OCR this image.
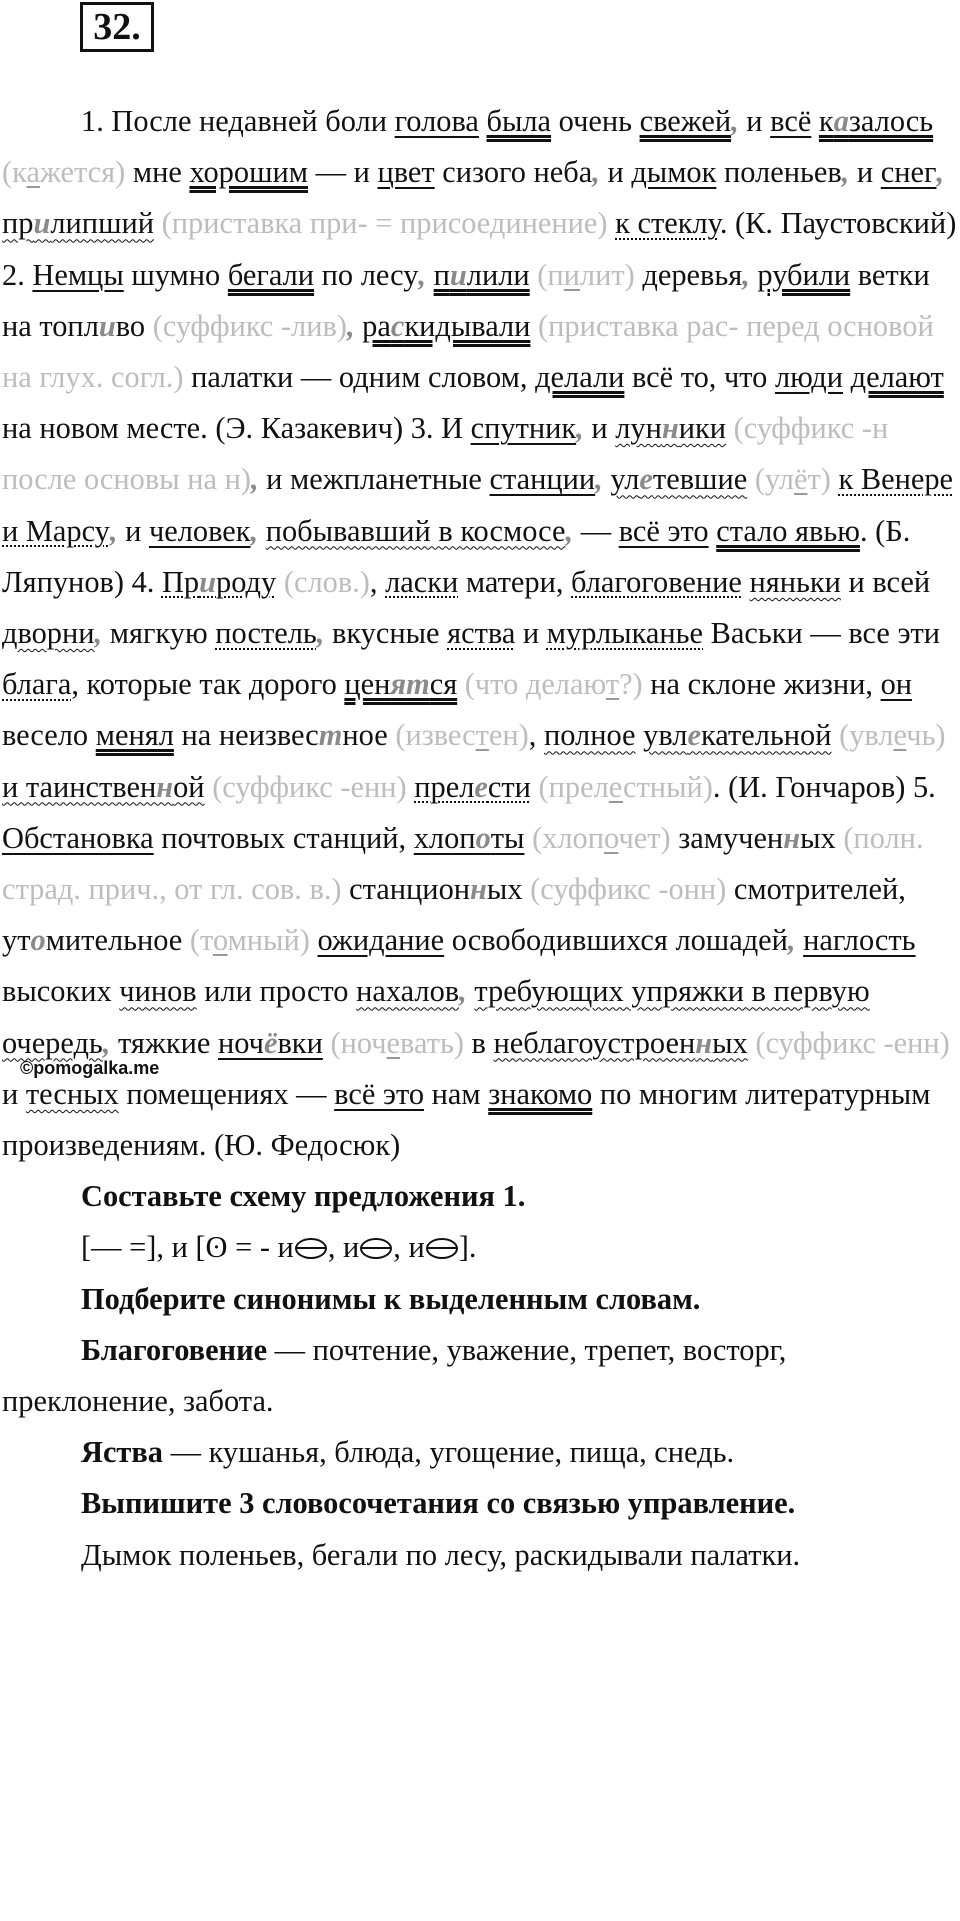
32.

1. После недавней боли голова была очень свежей, и всё казалось (кажется) мне хорошим — и цвет сизого неба, и дымок поленьев, и снег, прилипший (приставка при- = присоединение) к стеклу. (К. Паустовский) 2. Немцы шумно бегали по лесу, пилили (пилит) деревья, рубили ветки на топливо (суффикс -лив), раскидывали (приставка рас- перед основой на глух. согл.) палатки — одним словом, делали всё то, что люди делают на новом месте. (Э. Казакевич) 3. И спутник, и лунники (суффикс -н после основы на н), и межпланетные станции, улетевшие (улёт) к Венере и Марсу, и человек, побывавший в космосе, — всё это стало явью. (Б. Ляпунов) 4. Природу (слов.), ласки матери, благоговение няньки и всей дворни, мягкую постель, вкусные яства и мурлыканье Васьки — все эти блага, которые так дорого ценятся (что делают?) на склоне жизни, он весело менял на неизвестное (известен), полное увлекательной (увлечь) и таинственной (суффикс -енн) прелести (прелестный). (И. Гончаров) 5. Обстановка почтовых станций, хлопоты (хлопочет) замученных (полн. страд. прич., от гл. сов. в.) станционных (суффикс -онн) смотрителей, утомительное (томный) ожидание освободившихся лошадей, наглость высоких чинов или просто нахалов, требующих упряжки в первую очередь, тяжкие ночёвки (ночевать) в неблагоустроенных (суффикс -енн) и тесных помещениях — всё это нам знакомо по многим литературным произведениям. (Ю. Федосюк)

Составьте схему предложения 1.

[— =], и [ʘ = - и , и , и ].

Подберите синонимы к выделенным словам.

Благоговение — почтение, уважение, трепет, восторг, преклонение, забота.

Яства — кушанья, блюда, угощение, пища, снедь.

Выпишите 3 словосочетания со связью управление.

Дымок поленьев, бегали по лесу, раскидывали палатки.

©pomogalka.me
